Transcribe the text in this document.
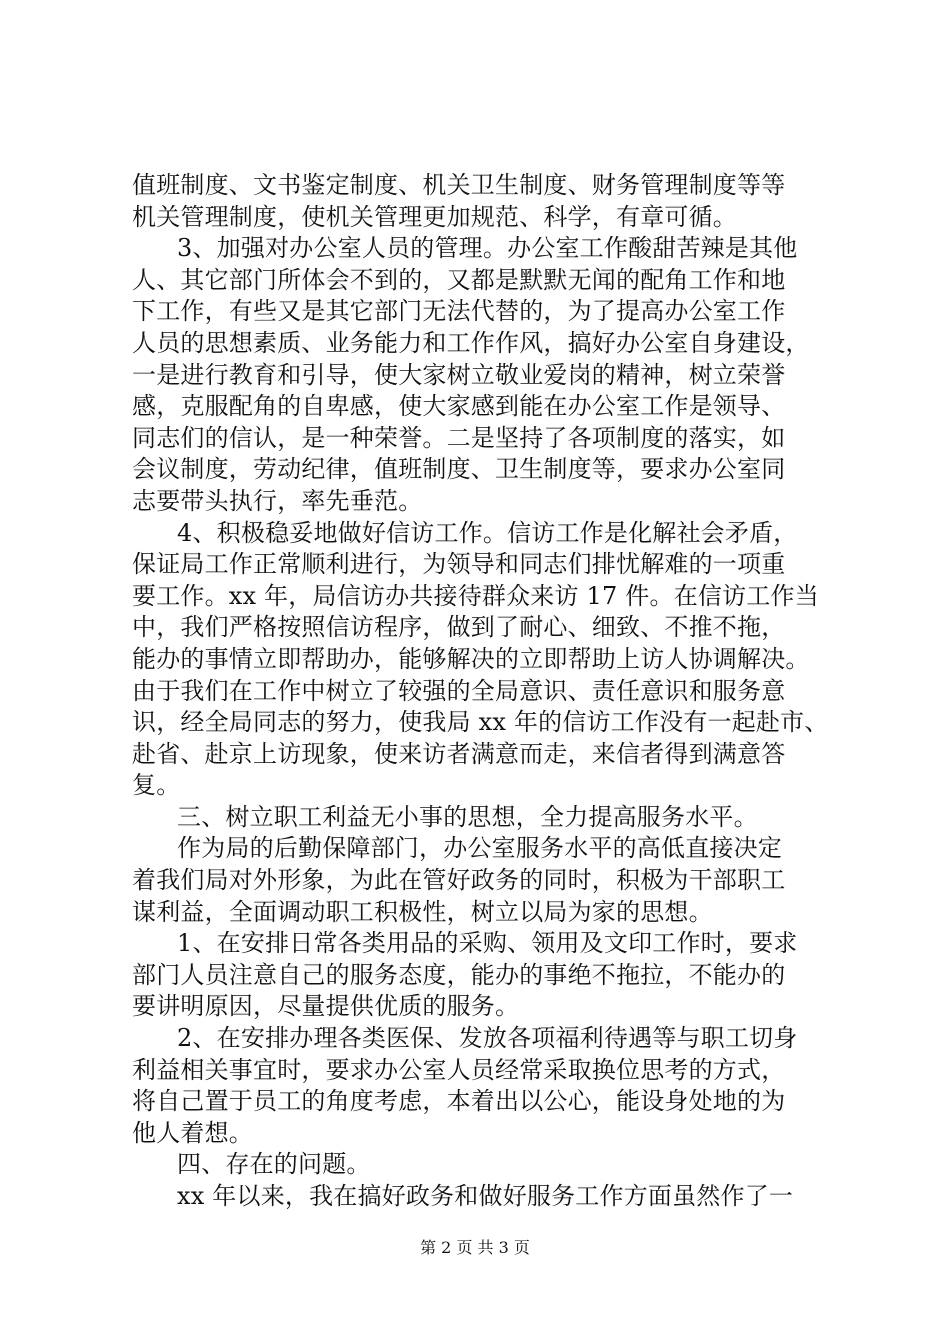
值班制度、文书鉴定制度、机关卫生制度、财务管理制度等等
机关管理制度，使机关管理更加规范、科学，有章可循。
3、加强对办公室人员的管理。办公室工作酸甜苦辣是其他
人、其它部门所体会不到的，又都是默默无闻的配角工作和地
下工作，有些又是其它部门无法代替的，为了提高办公室工作
人员的思想素质、业务能力和工作作风，搞好办公室自身建设，
一是进行教育和引导，使大家树立敬业爱岗的精神，树立荣誉
感，克服配角的自卑感，使大家感到能在办公室工作是领导、
同志们的信认，是一种荣誉。二是坚持了各项制度的落实，如
会议制度，劳动纪律，值班制度、卫生制度等，要求办公室同
志要带头执行，率先垂范。
4、积极稳妥地做好信访工作。信访工作是化解社会矛盾，
保证局工作正常顺利进行，为领导和同志们排忧解难的一项重
要工作。xx 年，局信访办共接待群众来访 17 件。在信访工作当
中，我们严格按照信访程序，做到了耐心、细致、不推不拖，
能办的事情立即帮助办，能够解决的立即帮助上访人协调解决。
由于我们在工作中树立了较强的全局意识、责任意识和服务意
识，经全局同志的努力，使我局 xx 年的信访工作没有一起赴市、
赴省、赴京上访现象，使来访者满意而走，来信者得到满意答
复。
三、树立职工利益无小事的思想，全力提高服务水平。
作为局的后勤保障部门，办公室服务水平的高低直接决定
着我们局对外形象，为此在管好政务的同时，积极为干部职工
谋利益，全面调动职工积极性，树立以局为家的思想。
1、在安排日常各类用品的采购、领用及文印工作时，要求
部门人员注意自己的服务态度，能办的事绝不拖拉，不能办的
要讲明原因，尽量提供优质的服务。
2、在安排办理各类医保、发放各项福利待遇等与职工切身
利益相关事宜时，要求办公室人员经常采取换位思考的方式，
将自己置于员工的角度考虑，本着出以公心，能设身处地的为
他人着想。
四、存在的问题。
xx 年以来，我在搞好政务和做好服务工作方面虽然作了一
第 2 页 共 3 页
